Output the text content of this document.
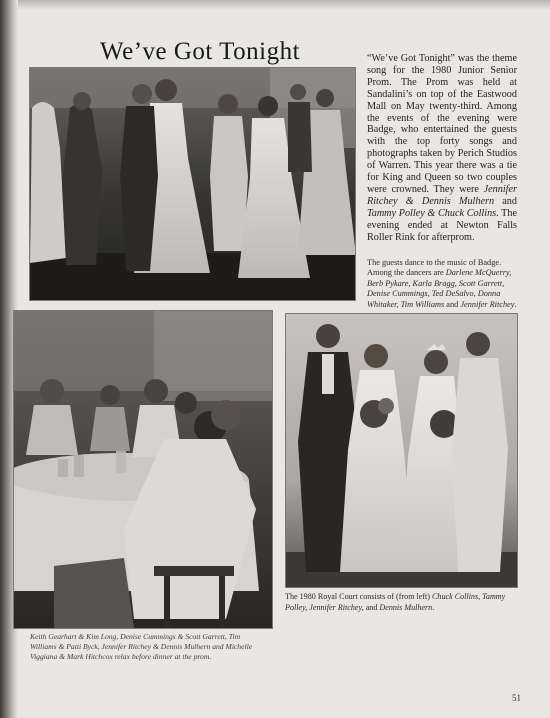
We’ve Got Tonight	“We’ve Got Tonight” was the theme song for the 1980 Junior Senior Prom. The Prom was held at Sandalini’s on top of the Eastwood Mall on May twenty-third. Among the events of the evening were Badge, who entertained the guests with the top forty songs and photographs taken by Perich Studios of Warren. This year there was a tie for King and Queen so two couples were crowned. They were Jennifer Ritchey & Dennis Mulhern and Tammy Polley & Chuck Collins. The evening ended at Newton Falls Roller Rink for afterprom.
The guests dance to the music of Badge. Among the dancers are Darlene McQuerry, Berb Pykare, Karla Bragg, Scott Garrett, Denise Cummings, Ted DeSalvo, Donna Whitaker, Tim Williams and Jennifer Ritchey.
Keith Gearhart & Kim Long, Denise Cummings & Scott Garrett, Tim Williams & Patti Byck, Jennifer Ritchey & Dennis Mulhern and Michelle Viggiana & Mark Hitchcox relax before dinner at the prom.
The 1980 Royal Court consists of (from left) Chuck Collins, Tammy Polley, Jennifer Ritchey, and Dennis Mulhern.
51
